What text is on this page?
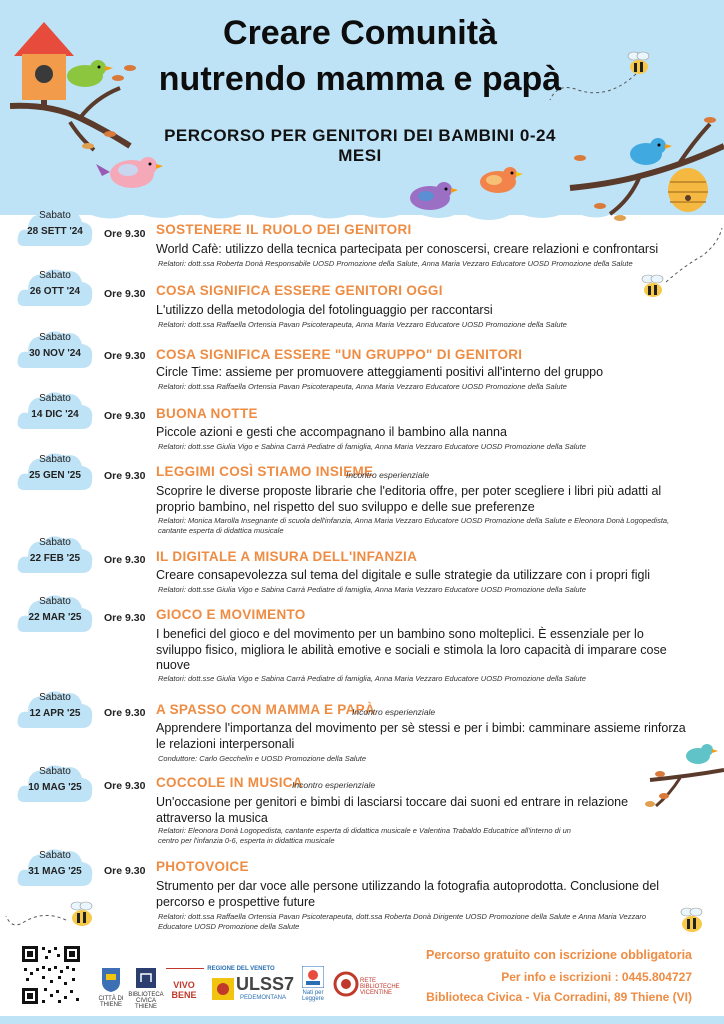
Creare Comunità
nutrendo mamma e papà
PERCORSO PER GENITORI DEI BAMBINI 0-24 MESI
Sabato
28 SETT '24	Ore 9.30 SOSTENERE IL RUOLO DEI GENITORI
World Cafè: utilizzo della tecnica partecipata per conoscersi, creare relazioni e confrontarsi
Relatori: dott.ssa Roberta Donà Responsabile UOSD Promozione della Salute, Anna Maria Vezzaro Educatore UOSD Promozione della Salute
Sabato
26 OTT '24	Ore 9.30 COSA SIGNIFICA ESSERE GENITORI OGGI
L'utilizzo della metodologia del fotolinguaggio per raccontarsi
Relatori: dott.ssa Raffaella Ortensia Pavan Psicoterapeuta, Anna Maria Vezzaro Educatore UOSD Promozione della Salute
Sabato
30 NOV '24	Ore 9.30 COSA SIGNIFICA ESSERE "UN GRUPPO" DI GENITORI
Circle Time: assieme per promuovere atteggiamenti positivi all'interno del gruppo
Relatori: dott.ssa Raffaella Ortensia Pavan Psicoterapeuta, Anna Maria Vezzaro Educatore UOSD Promozione della Salute
Sabato
14 DIC '24	Ore 9.30 BUONA NOTTE
Piccole azioni e gesti che accompagnano il bambino alla nanna
Relatori: dott.sse Giulia Vigo e Sabina Carrà Pediatre di famiglia, Anna Maria Vezzaro Educatore UOSD Promozione della Salute
Sabato
25 GEN '25	Ore 9.30 LEGGIMI COSÌ STIAMO INSIEME
Incontro esperienziale
Scoprire le diverse proposte librarie che l'editoria offre, per poter scegliere i libri più adatti al proprio bambino, nel rispetto del suo sviluppo e delle sue preferenze
Relatori: Monica Marolla Insegnante di scuola dell'infanzia, Anna Maria Vezzaro Educatore UOSD Promozione della Salute e Eleonora Donà Logopedista, cantante esperta di didattica musicale
Sabato
22 FEB '25	Ore 9.30 IL DIGITALE A MISURA DELL'INFANZIA
Creare consapevolezza sul tema del digitale e sulle strategie da utilizzare con i propri figli
Relatori: dott.sse Giulia Vigo e Sabina Carrà Pediatre di famiglia, Anna Maria Vezzaro Educatore UOSD Promozione della Salute
Sabato
22 MAR '25	Ore 9.30 GIOCO E MOVIMENTO
I benefici del gioco e del movimento per un bambino sono molteplici. È essenziale per lo sviluppo fisico, migliora le abilità emotive e sociali e stimola la loro capacità di imparare cose nuove
Relatori: dott.sse Giulia Vigo e Sabina Carrà Pediatre di famiglia, Anna Maria Vezzaro Educatore UOSD Promozione della Salute
Sabato
12 APR '25	Ore 9.30 A SPASSO CON MAMMA E PAPÀ
Incontro esperienziale
Apprendere l'importanza del movimento per sè stessi e per i bimbi: camminare assieme rinforza le relazioni interpersonali
Conduttore: Carlo Gecchelin e UOSD Promozione della Salute
Sabato
10 MAG '25	Ore 9.30 COCCOLE IN MUSICA
Incontro esperienziale
Un'occasione per genitori e bimbi di lasciarsi toccare dai suoni ed entrare in relazione attraverso la musica
Relatori: Eleonora Donà Logopedista, cantante esperta di didattica musicale e Valentina Trabaldo Educatrice all'interno di un centro per l'infanzia 0-6, esperta in didattica musicale
Sabato
31 MAG '25	Ore 9.30 PHOTOVOICE
Strumento per dar voce alle persone utilizzando la fotografia autoprodotta. Conclusione del percorso e prospettive future
Relatori: dott.ssa Raffaella Ortensia Pavan Psicoterapeuta, dott.ssa Roberta Donà Dirigente UOSD Promozione della Salute e Anna Maria Vezzaro Educatore UOSD Promozione della Salute
CITTÀ DI THIENE
BIBLIOTECA CIVICA THIENE
VIVO BENE
REGIONE DEL VENETO
ULSS7
PEDEMONTANA
Nati per Leggere
RETE BIBLIOTECHE VICENTINE
Percorso gratuito con iscrizione obbligatoria
Per info e iscrizioni : 0445.804727
Biblioteca Civica - Via Corradini, 89 Thiene (VI)
